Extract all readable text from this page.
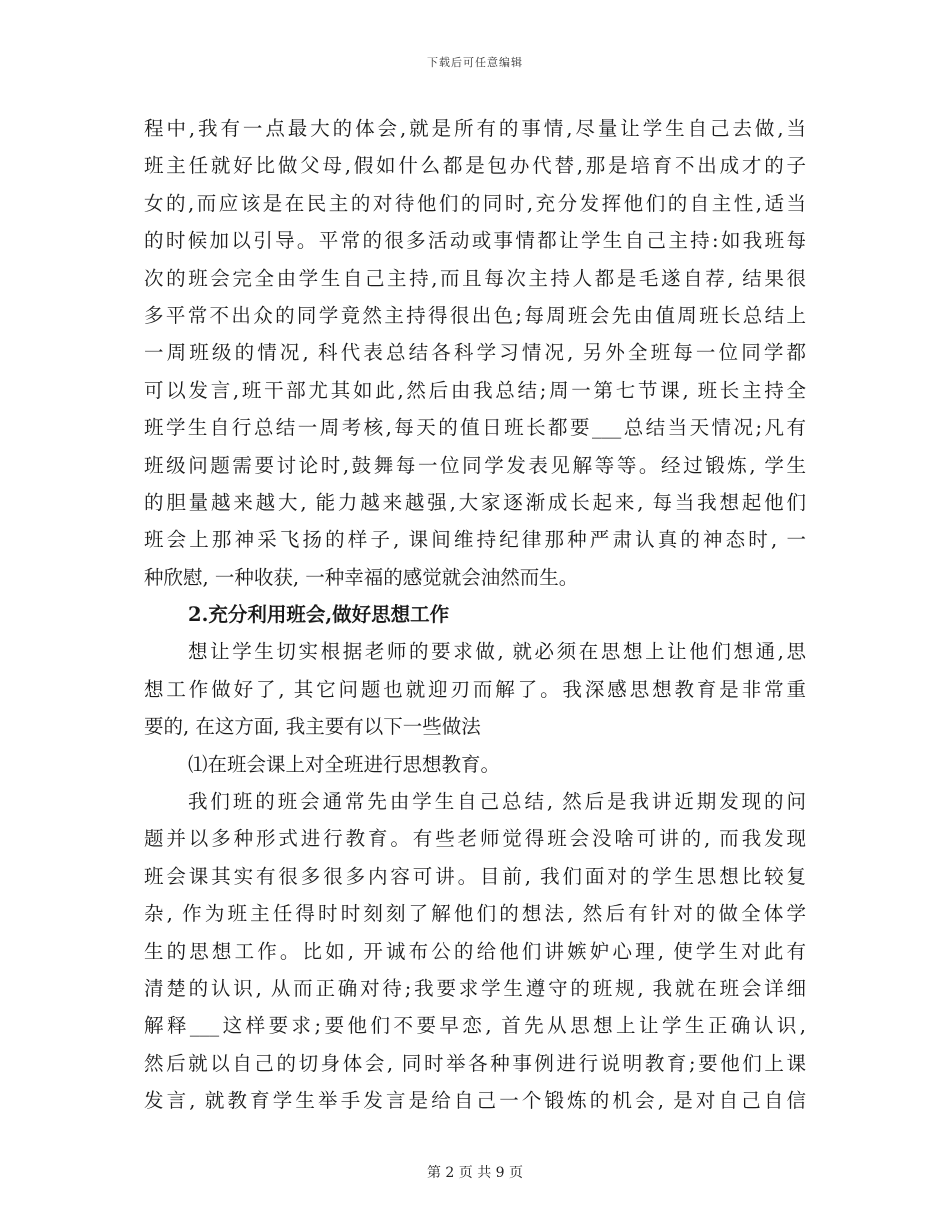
下载后可任意编辑
程中,我有一点最大的体会,就是所有的事情,尽量让学生自己去做,当
班主任就好比做父母,假如什么都是包办代替,那是培育不出成才的子
女的,而应该是在民主的对待他们的同时,充分发挥他们的自主性,适当
的时候加以引导。平常的很多活动或事情都让学生自己主持:如我班每
次的班会完全由学生自己主持,而且每次主持人都是毛遂自荐, 结果很
多平常不出众的同学竟然主持得很出色;每周班会先由值周班长总结上
一周班级的情况, 科代表总结各科学习情况, 另外全班每一位同学都
可以发言,班干部尤其如此,然后由我总结;周一第七节课, 班长主持全
班学生自行总结一周考核,每天的值日班长都要___总结当天情况;凡有
班级问题需要讨论时,鼓舞每一位同学发表见解等等。经过锻炼, 学生
的胆量越来越大, 能力越来越强,大家逐渐成长起来, 每当我想起他们
班会上那神采飞扬的样子, 课间维持纪律那种严肃认真的神态时, 一
种欣慰, 一种收获, 一种幸福的感觉就会油然而生。
2.充分利用班会,做好思想工作
想让学生切实根据老师的要求做, 就必须在思想上让他们想通,思
想工作做好了, 其它问题也就迎刃而解了。我深感思想教育是非常重
要的, 在这方面, 我主要有以下一些做法
⑴在班会课上对全班进行思想教育。
我们班的班会通常先由学生自己总结, 然后是我讲近期发现的问
题并以多种形式进行教育。有些老师觉得班会没啥可讲的, 而我发现
班会课其实有很多很多内容可讲。目前, 我们面对的学生思想比较复
杂, 作为班主任得时时刻刻了解他们的想法, 然后有针对的做全体学
生的思想工作。比如, 开诚布公的给他们讲嫉妒心理, 使学生对此有
清楚的认识, 从而正确对待;我要求学生遵守的班规, 我就在班会详细
解释___这样要求;要他们不要早恋, 首先从思想上让学生正确认识,
然后就以自己的切身体会, 同时举各种事例进行说明教育;要他们上课
发言, 就教育学生举手发言是给自己一个锻炼的机会, 是对自己自信
第 2 页 共 9 页
